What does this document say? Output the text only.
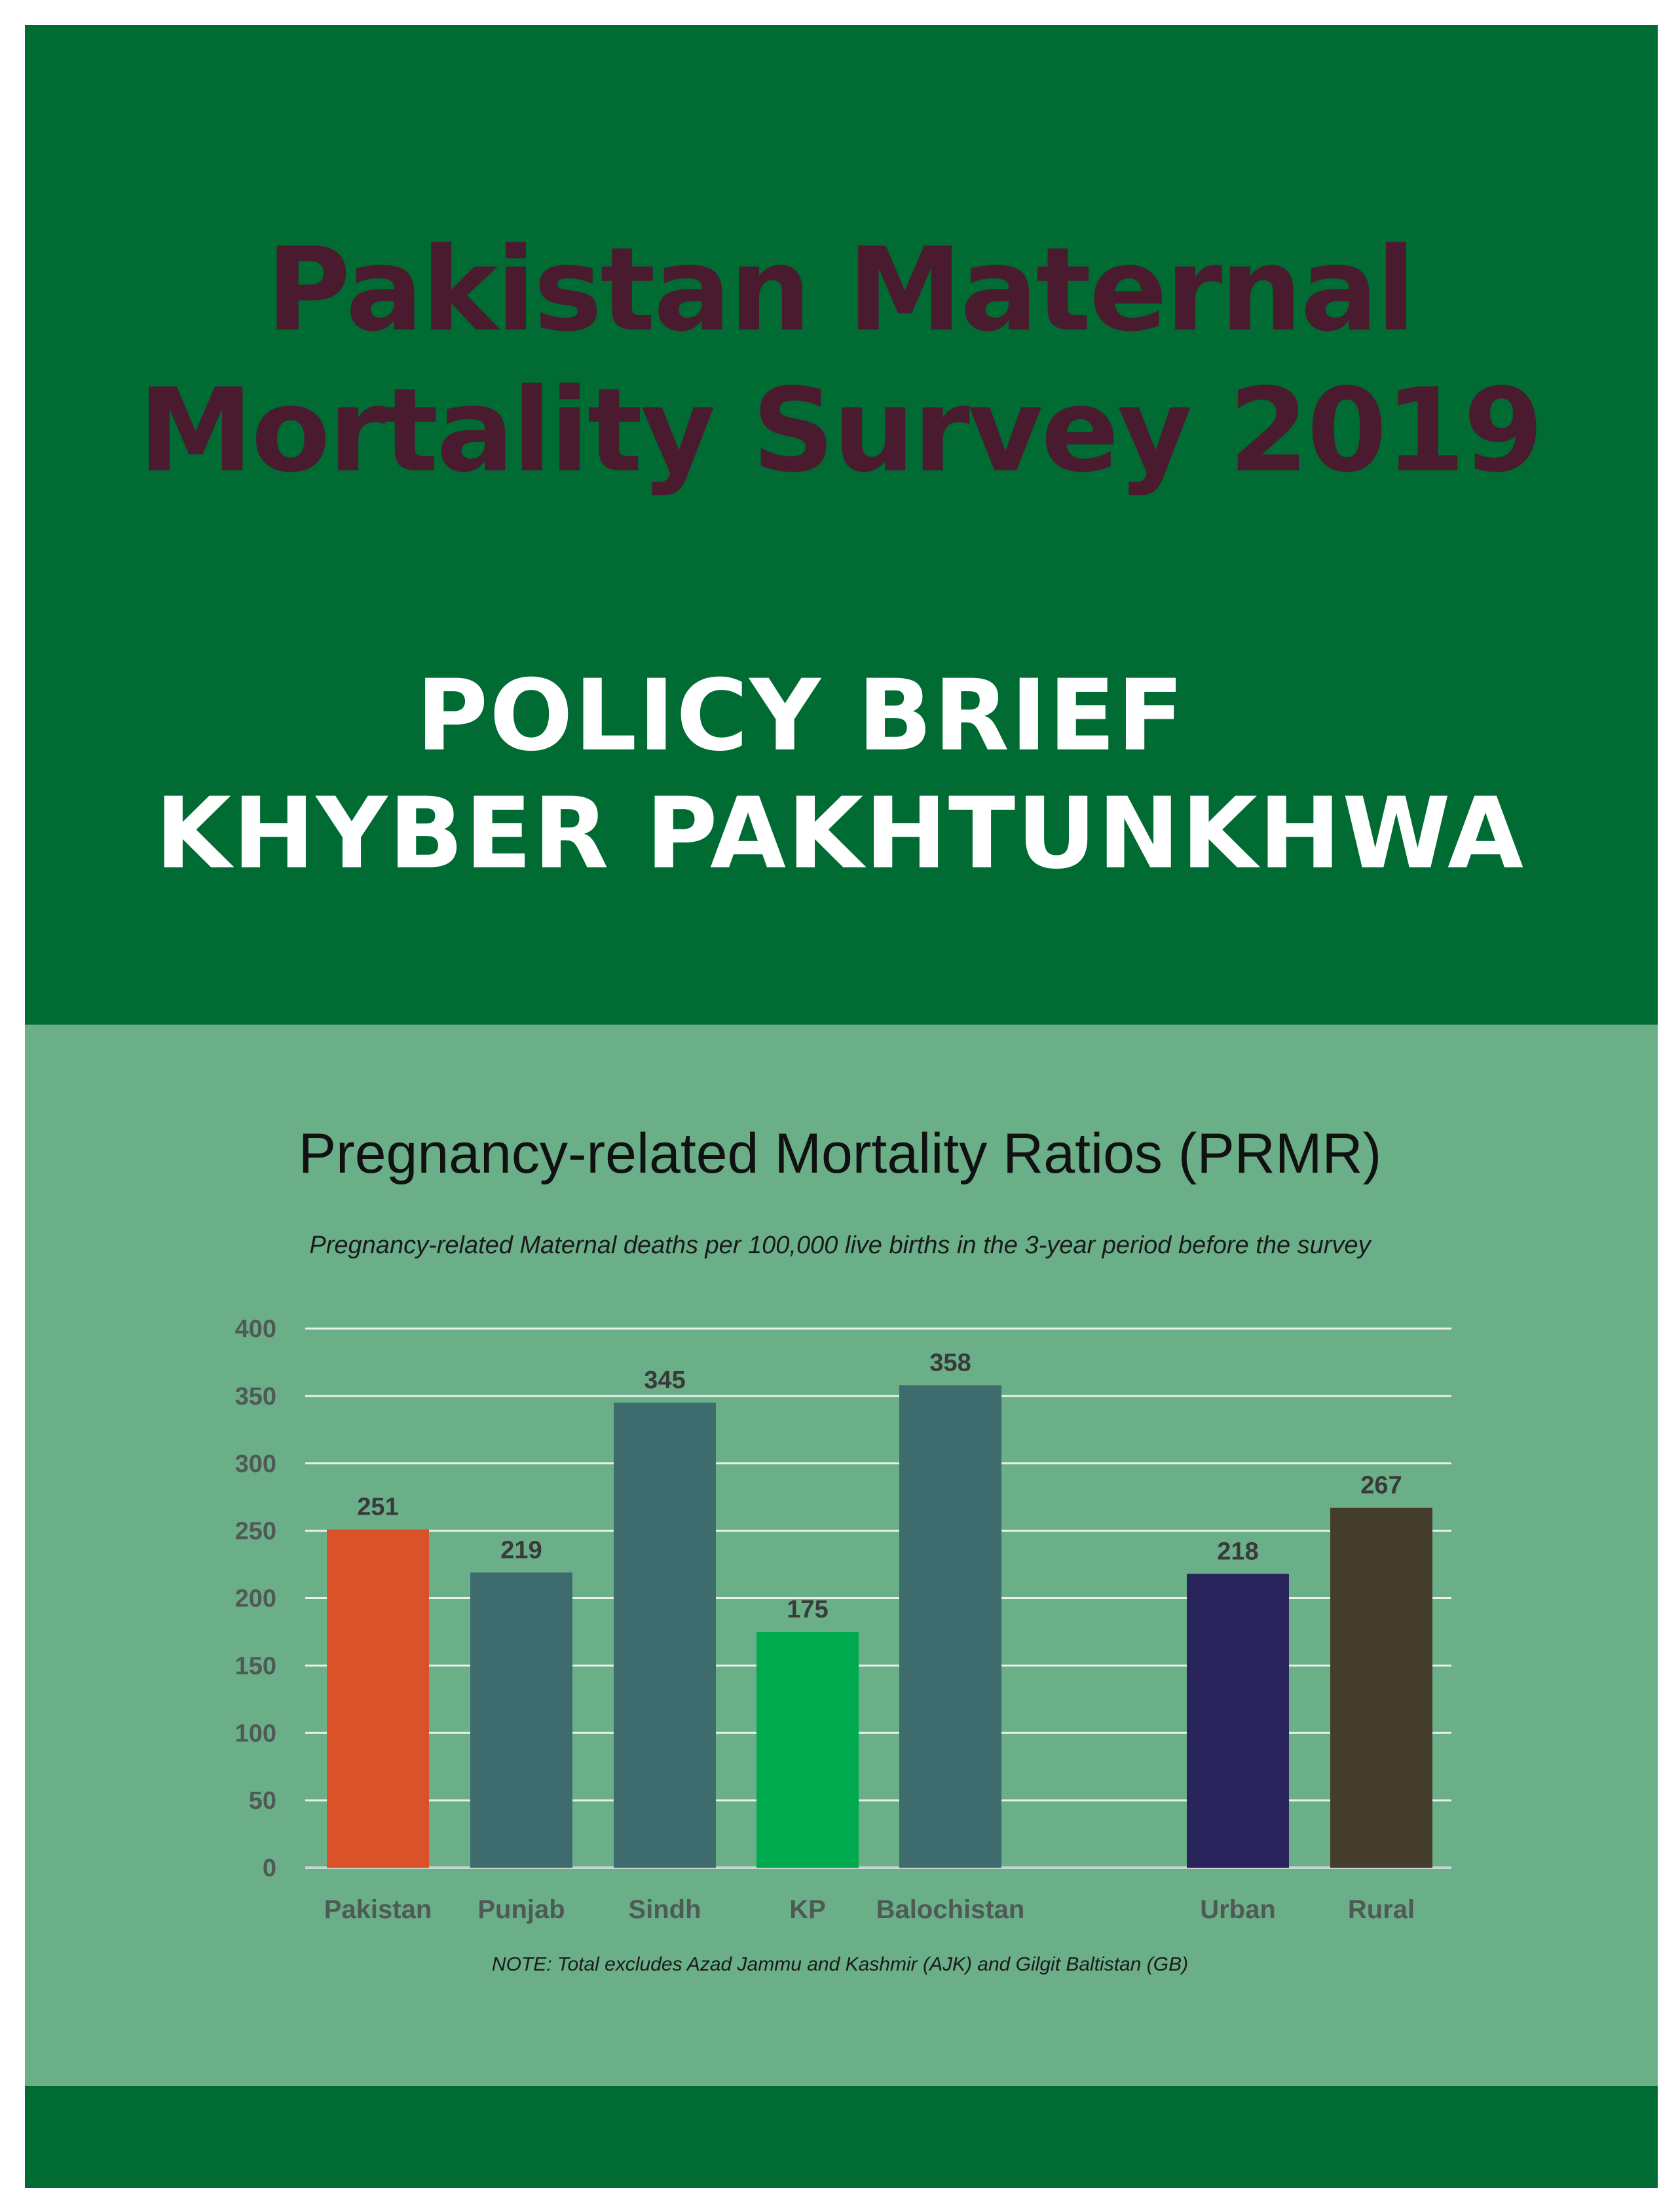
Pakistan Maternal
Mortality Survey 2019
POLICY BRIEF
KHYBER PAKHTUNKHWA
Pregnancy-related Mortality Ratios (PRMR)
Pregnancy-related Maternal deaths per 100,000 live births in the 3-year period before the survey
0
50
100
150
200
250
300
350
400
251
219
345
175
358
218
267
Pakistan Punjab Sindh	KP Balochistan	Urban	Rural
NOTE: Total excludes Azad Jammu and Kashmir (AJK) and Gilgit Baltistan (GB)
